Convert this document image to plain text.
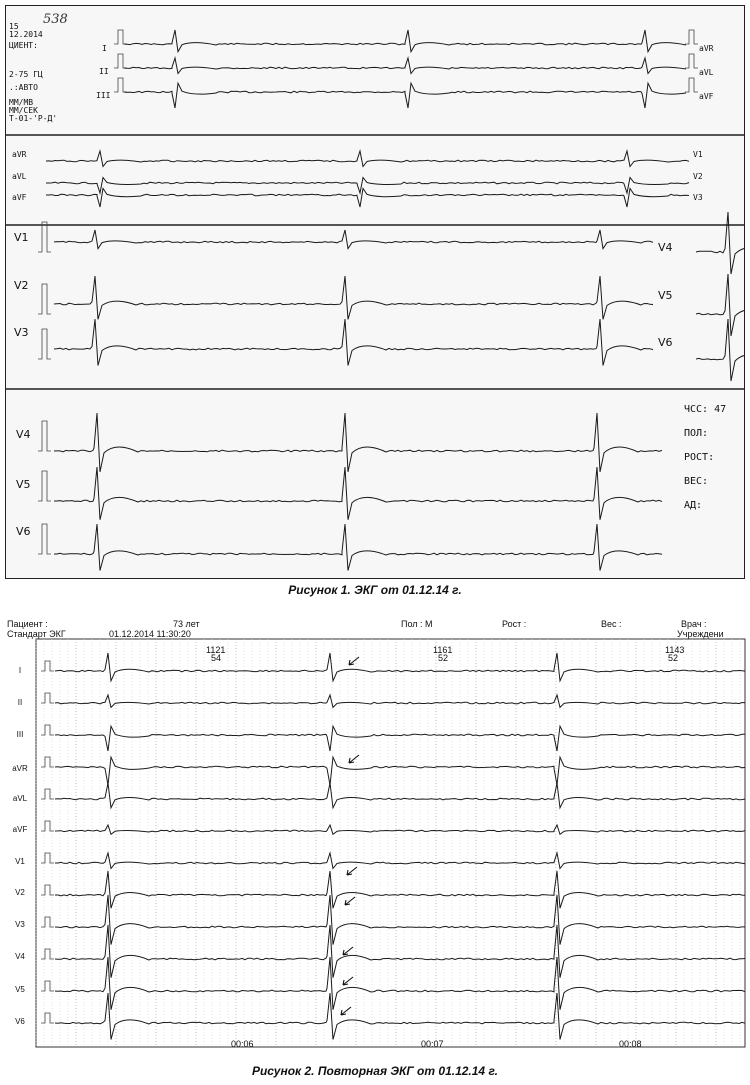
15
12.2014
ЦИЕНТ:
2-75 ГЦ
.:АВТО
ММ/МВ
ММ/СЕК
Т-01-'Р-Д'
538
I
II
III
aVR
aVL
aVF
aVR
aVL
aVF
V1
V2
V3
V1
V2
V3
V4
V5
V6
V4
V5
V6
ЧСС: 47
ПОЛ:
РОСТ:
ВЕС:
АД:
Рисунок 1. ЭКГ от 01.12.14 г.
Пациент :	73 лет	Пол : М	Рост :	Вес :	Врач :
Стандарт ЭКГ	01.12.2014 11:30:20	Учреждени
1121
54
1161
52
1143
52
I
II
III
aVR
aVL
aVF
V1
V2
V3
V4
V5
V6
00:06	00:07	00:08
Рисунок 2. Повторная ЭКГ от 01.12.14 г.
